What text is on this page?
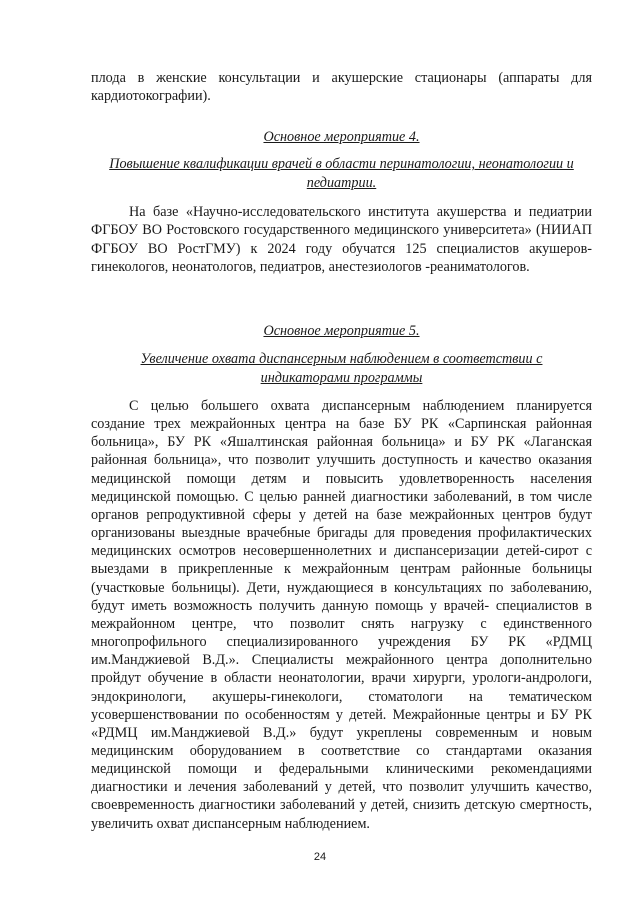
плода в женские консультации и акушерские стационары (аппараты для кардиотокографии).

Основное мероприятие 4.
Повышение квалификации врачей в области перинатологии, неонатологии и педиатрии.

На базе «Научно-исследовательского института акушерства и педиатрии ФГБОУ ВО Ростовского государственного медицинского университета» (НИИАП ФГБОУ ВО РостГМУ) к 2024 году обучатся 125 специалистов акушеров-гинекологов, неонатологов, педиатров, анестезиологов -реаниматологов.

Основное мероприятие 5.
Увеличение охвата диспансерным наблюдением в соответствии с индикаторами программы

С целью большего охвата диспансерным наблюдением планируется создание трех межрайонных центра на базе БУ РК «Сарпинская районная больница», БУ РК «Яшалтинская районная больница» и БУ РК «Лаганская районная больница», что позволит улучшить доступность и качество оказания медицинской помощи детям и повысить удовлетворенность населения медицинской помощью. С целью ранней диагностики заболеваний, в том числе органов репродуктивной сферы у детей на базе межрайонных центров будут организованы выездные врачебные бригады для проведения профилактических медицинских осмотров несовершеннолетних и диспансеризации детей-сирот с выездами в прикрепленные к межрайонным центрам районные больницы (участковые больницы). Дети, нуждающиеся в консультациях по заболеванию, будут иметь возможность получить данную помощь у врачей- специалистов в межрайонном центре, что позволит снять нагрузку с единственного многопрофильного специализированного учреждения БУ РК «РДМЦ им.Манджиевой В.Д.». Специалисты межрайонного центра дополнительно пройдут обучение в области неонатологии, врачи хирурги, урологи-андрологи, эндокринологи, акушеры-гинекологи, стоматологи на тематическом усовершенствовании по особенностям у детей. Межрайонные центры и БУ РК «РДМЦ им.Манджиевой В.Д.» будут укреплены современным и новым медицинским оборудованием в соответствие со стандартами оказания медицинской помощи и федеральными клиническими рекомендациями диагностики и лечения заболеваний у детей, что позволит улучшить качество, своевременность диагностики заболеваний у детей, снизить детскую смертность, увеличить охват диспансерным наблюдением.

24
